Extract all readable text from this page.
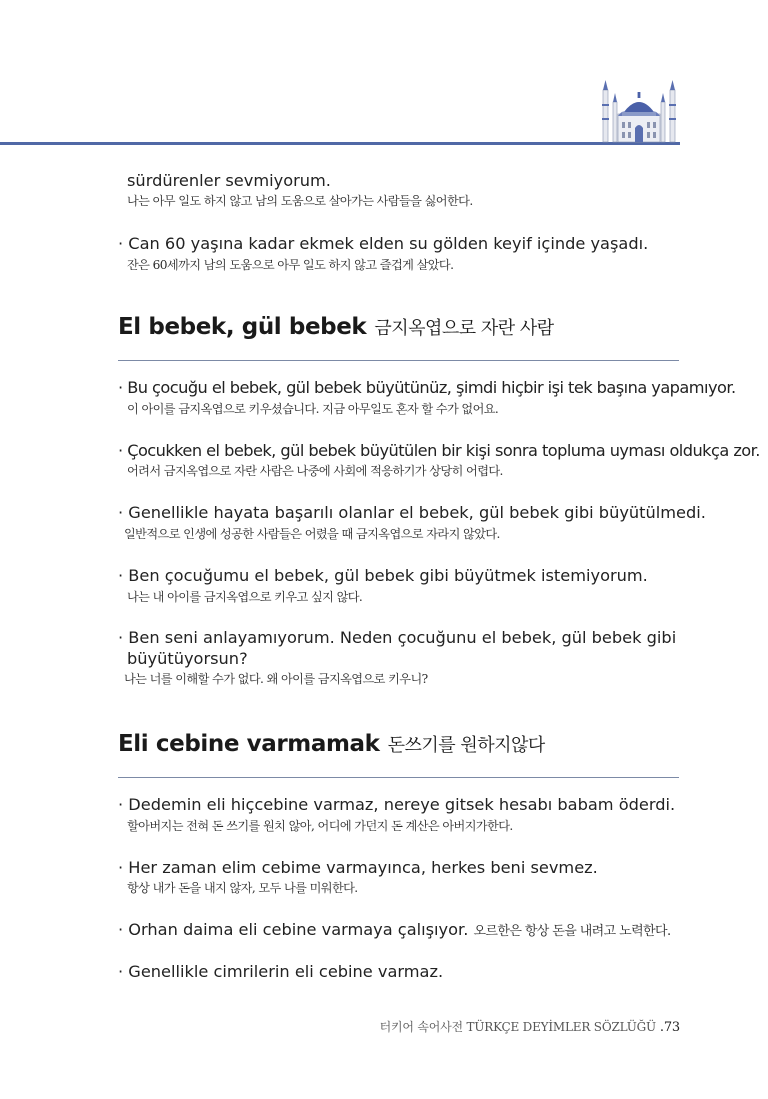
sürdürenler sevmiyorum.
나는 아무 일도 하지 않고 남의 도움으로 살아가는 사람들을 싫어한다.
· Can 60 yaşına kadar ekmek elden su gölden keyif içinde yaşadı.
잔은 60세까지 남의 도움으로 아무 일도 하지 않고 즐겁게 살았다.
El bebek, gül bebek 금지옥엽으로 자란 사람
· Bu çocuğu el bebek, gül bebek büyütünüz, şimdi hiçbir işi tek başına yapamıyor.
이 아이를 금지옥엽으로 키우셨습니다. 지금 아무일도 혼자 할 수가 없어요.
· Çocukken el bebek, gül bebek büyütülen bir kişi sonra topluma uyması oldukça zor.
어려서 금지옥엽으로 자란 사람은 나중에 사회에 적응하기가 상당히 어렵다.
· Genellikle hayata başarılı olanlar el bebek, gül bebek gibi büyütülmedi.
일반적으로 인생에 성공한 사람들은 어렸을 때 금지옥엽으로 자라지 않았다.
· Ben çocuğumu el bebek, gül bebek gibi büyütmek istemiyorum.
나는 내 아이를 금지옥엽으로 키우고 싶지 않다.
· Ben seni anlayamıyorum. Neden çocuğunu el bebek, gül bebek gibi
büyütüyorsun?
나는 너를 이해할 수가 없다. 왜 아이를 금지옥엽으로 키우니?
Eli cebine varmamak 돈쓰기를 원하지않다
· Dedemin eli hiçcebine varmaz, nereye gitsek hesabı babam öderdi.
할아버지는 전혀 돈 쓰기를 원치 않아, 어디에 가던지 돈 계산은 아버지가한다.
· Her zaman elim cebime varmayınca, herkes beni sevmez.
항상 내가 돈을 내지 않자, 모두 나를 미워한다.
· Orhan daima eli cebine varmaya çalışıyor. 오르한은 항상 돈을 내려고 노력한다.
· Genellikle cimrilerin eli cebine varmaz.
터키어 속어사전 TÜRKÇE DEYİMLER SÖZLÜĞÜ .73
